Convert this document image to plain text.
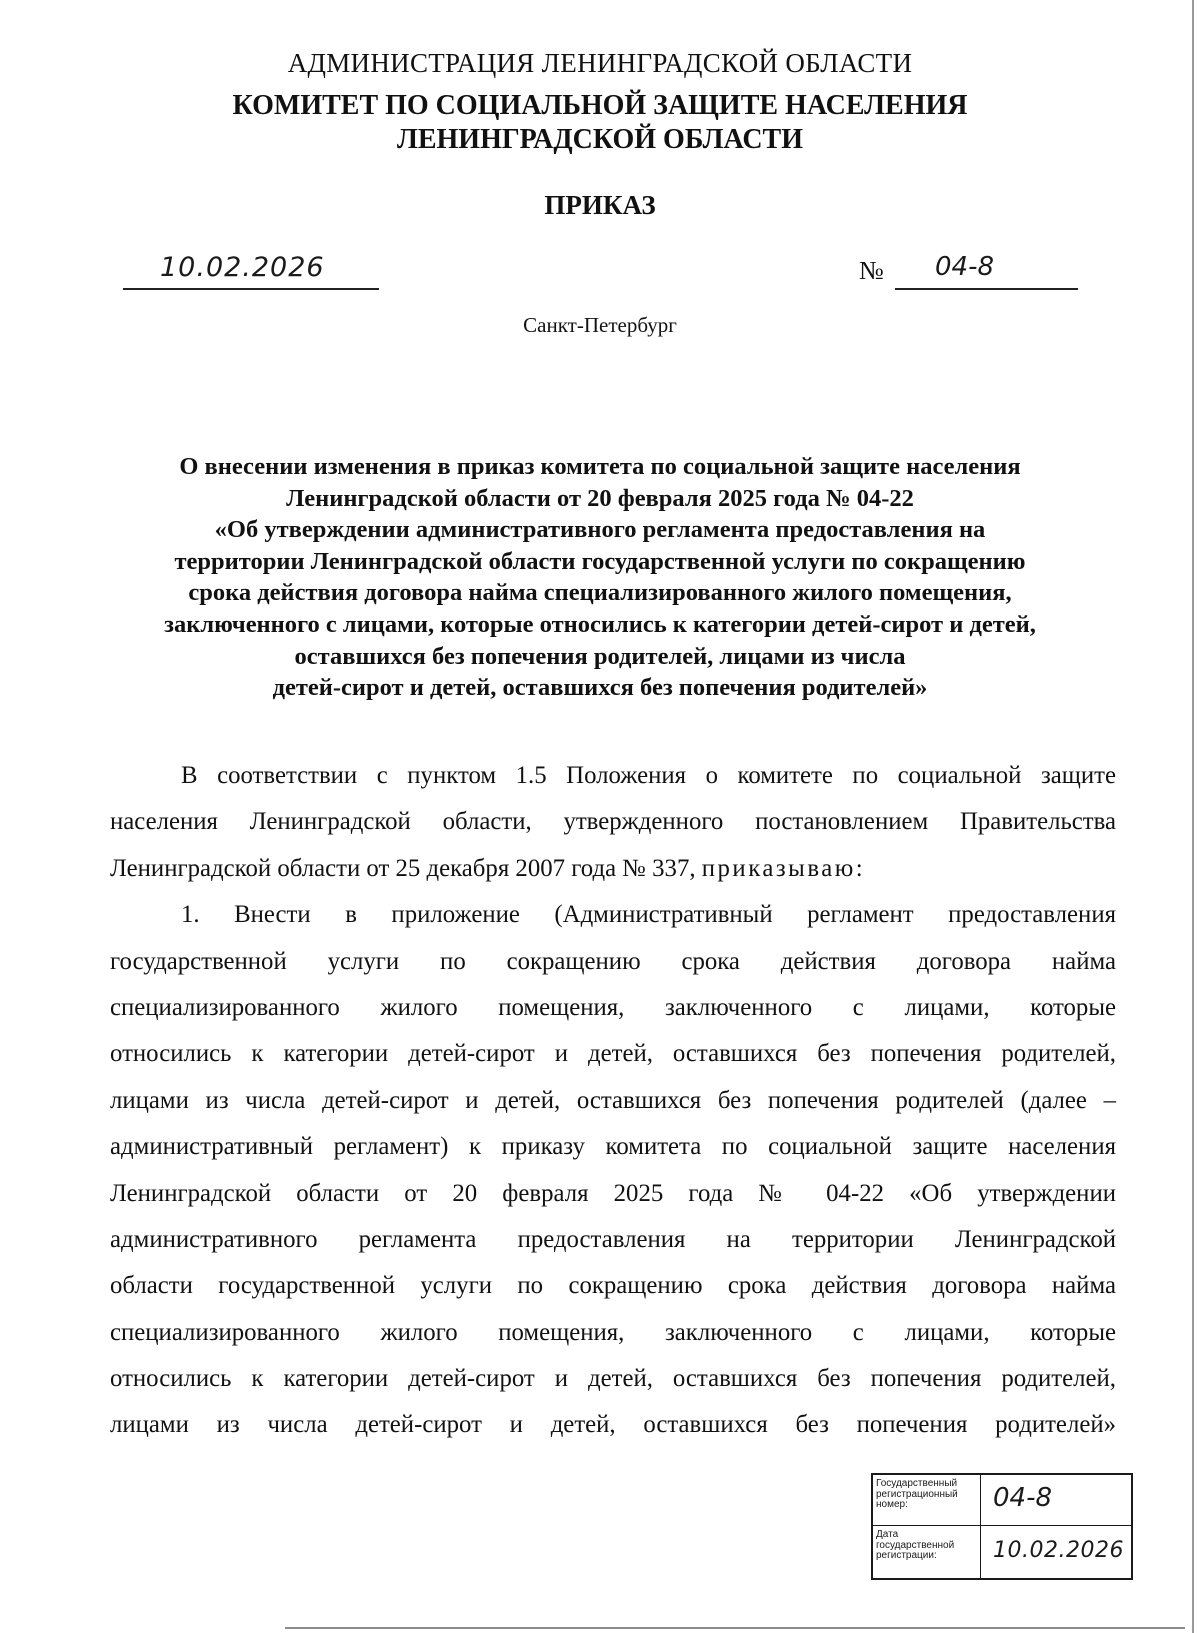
АДМИНИСТРАЦИЯ ЛЕНИНГРАДСКОЙ ОБЛАСТИ
КОМИТЕТ ПО СОЦИАЛЬНОЙ ЗАЩИТЕ НАСЕЛЕНИЯ
ЛЕНИНГРАДСКОЙ ОБЛАСТИ
ПРИКАЗ
10.02.2026	№ 04-8
Санкт-Петербург
О внесении изменения в приказ комитета по социальной защите населения
Ленинградской области от 20 февраля 2025 года № 04-22
«Об утверждении административного регламента предоставления на
территории Ленинградской области государственной услуги по сокращению
срока действия договора найма специализированного жилого помещения,
заключенного с лицами, которые относились к категории детей-сирот и детей,
оставшихся без попечения родителей, лицами из числа
детей-сирот и детей, оставшихся без попечения родителей»
В соответствии с пунктом 1.5 Положения о комитете по социальной защите
населения Ленинградской области, утвержденного постановлением Правительства
Ленинградской области от 25 декабря 2007 года № 337, приказываю:
1. Внести в приложение (Административный регламент предоставления
государственной услуги по сокращению срока действия договора найма
специализированного жилого помещения, заключенного с лицами, которые
относились к категории детей-сирот и детей, оставшихся без попечения родителей,
лицами из числа детей-сирот и детей, оставшихся без попечения родителей (далее –
административный регламент) к приказу комитета по социальной защите населения
Ленинградской области от 20 февраля 2025 года № 04-22 «Об утверждении
административного регламента предоставления на территории Ленинградской
области государственной услуги по сокращению срока действия договора найма
специализированного жилого помещения, заключенного с лицами, которые
относились к категории детей-сирот и детей, оставшихся без попечения родителей,
лицами из числа детей-сирот и детей, оставшихся без попечения родителей»
Государственный регистрационный номер:	04-8
Дата государственной регистрации:	10.02.2026
